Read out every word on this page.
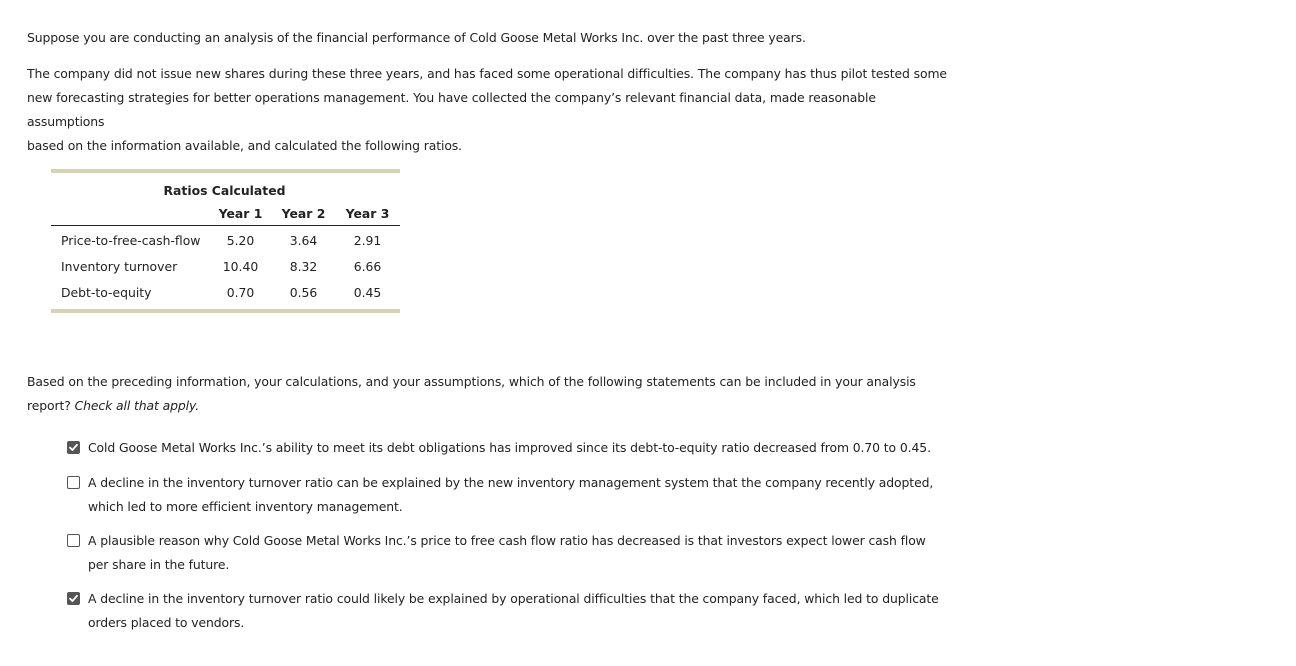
Suppose you are conducting an analysis of the financial performance of Cold Goose Metal Works Inc. over the past three years.

The company did not issue new shares during these three years, and has faced some operational difficulties. The company has thus pilot tested some
new forecasting strategies for better operations management. You have collected the company’s relevant financial data, made reasonable assumptions
based on the information available, and calculated the following ratios.

Ratios Calculated
	Year 1	Year 2	Year 3
Price-to-free-cash-flow	5.20	3.64	2.91
Inventory turnover	10.40	8.32	6.66
Debt-to-equity	0.70	0.56	0.45

Based on the preceding information, your calculations, and your assumptions, which of the following statements can be included in your analysis
report? Check all that apply.

Cold Goose Metal Works Inc.’s ability to meet its debt obligations has improved since its debt-to-equity ratio decreased from 0.70 to 0.45.
A decline in the inventory turnover ratio can be explained by the new inventory management system that the company recently adopted,
which led to more efficient inventory management.
A plausible reason why Cold Goose Metal Works Inc.’s price to free cash flow ratio has decreased is that investors expect lower cash flow
per share in the future.
A decline in the inventory turnover ratio could likely be explained by operational difficulties that the company faced, which led to duplicate
orders placed to vendors.
